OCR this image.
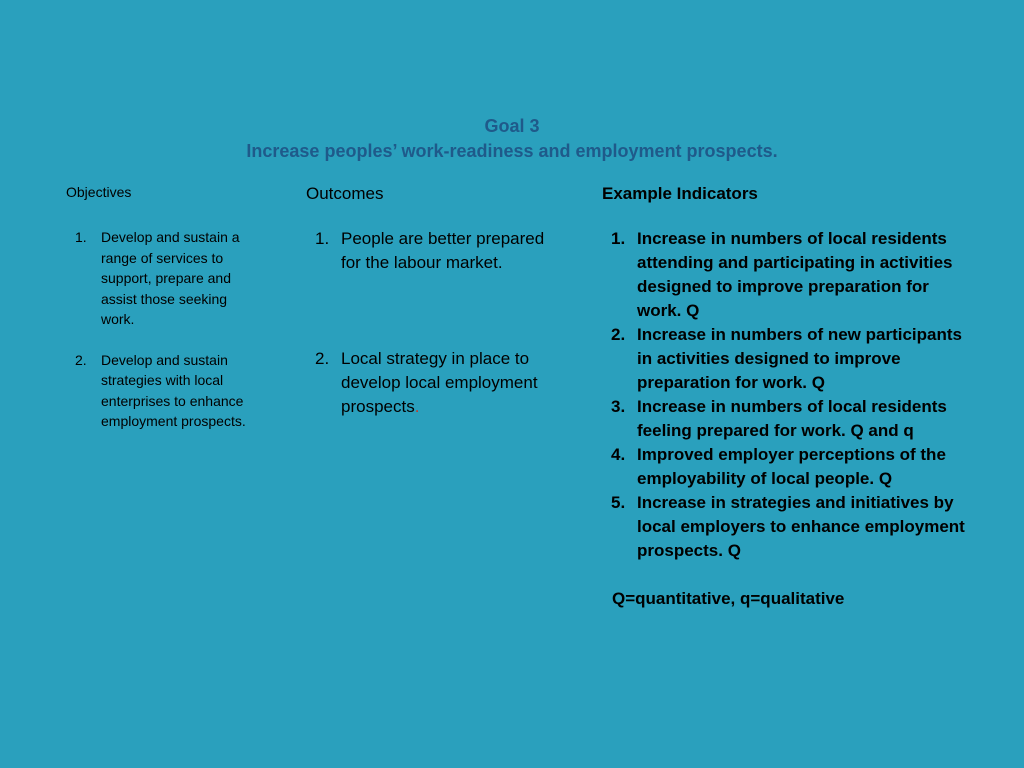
Goal 3
Increase peoples’ work-readiness and employment prospects.
Objectives
1. Develop and sustain a range of services to support, prepare and assist those seeking work.
2. Develop and sustain strategies with local enterprises to enhance employment prospects.
Outcomes
1. People are better prepared for the labour market.
2. Local strategy in place to develop local employment prospects.
Example Indicators
1. Increase in numbers of local residents attending and participating in activities designed to improve preparation for work. Q
2. Increase in numbers of new participants in activities designed to improve preparation for work. Q
3. Increase in numbers of local residents feeling prepared for work. Q and q
4. Improved employer perceptions of the employability of local people. Q
5. Increase in strategies and initiatives by local employers to enhance employment prospects. Q
Q=quantitative, q=qualitative
